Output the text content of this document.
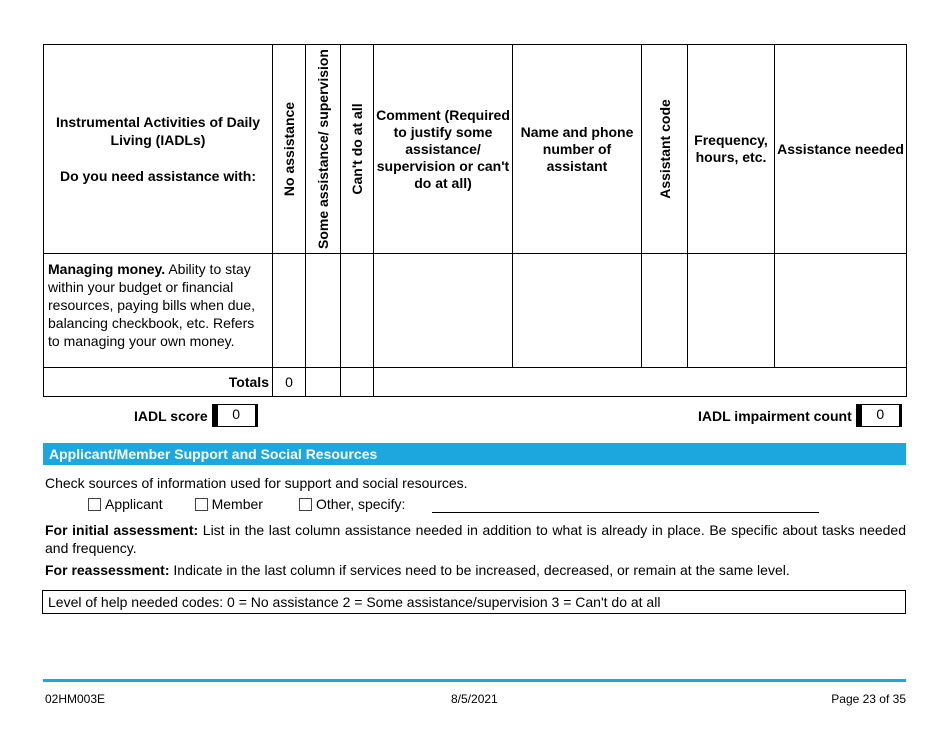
Instrumental Activities of Daily Living (IADLs)

Do you need assistance with:	No assistance	Some assistance/ supervision	Can't do at all	Comment (Required to justify some assistance/ supervision or can't do at all)	Name and phone number of assistant	Assistant code	Frequency, hours, etc.	Assistance needed
Managing money. Ability to stay within your budget or financial resources, paying bills when due, balancing checkbook, etc. Refers to managing your own money.								
Totals	0							
IADL score	0	IADL impairment count	0
Applicant/Member Support and Social Resources
Check sources of information used for support and social resources.
Applicant	Member	Other, specify:
For initial assessment: List in the last column assistance needed in addition to what is already in place. Be specific about tasks needed and frequency.
For reassessment: Indicate in the last column if services need to be increased, decreased, or remain at the same level.
Level of help needed codes: 0 = No assistance 2 = Some assistance/supervision 3 = Can't do at all
02HM003E	8/5/2021	Page 23 of 35
